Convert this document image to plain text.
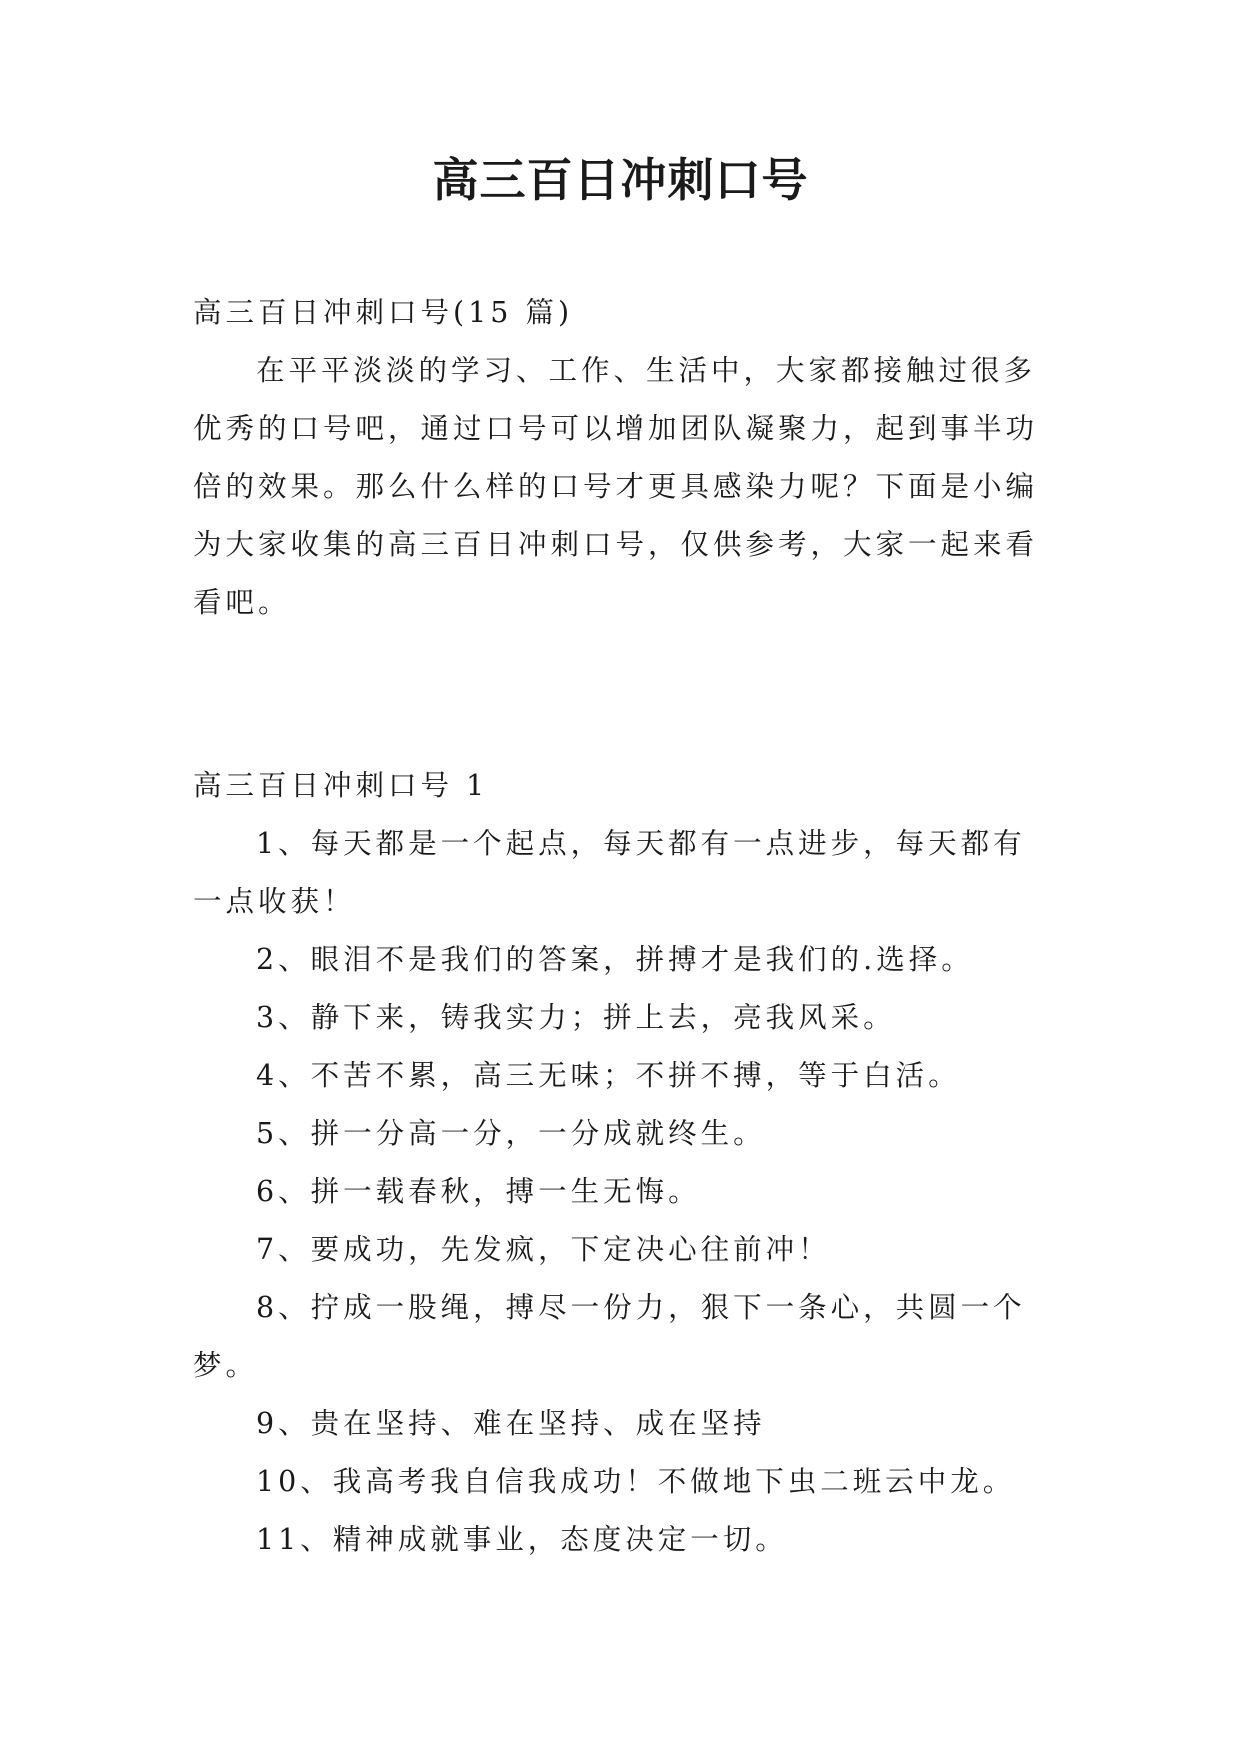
高三百日冲刺口号

高三百日冲刺口号(15 篇)

在平平淡淡的学习、工作、生活中，大家都接触过很多优秀的口号吧，通过口号可以增加团队凝聚力，起到事半功倍的效果。那么什么样的口号才更具感染力呢？下面是小编为大家收集的高三百日冲刺口号，仅供参考，大家一起来看看吧。

高三百日冲刺口号 1

1、每天都是一个起点，每天都有一点进步，每天都有一点收获！

2、眼泪不是我们的答案，拼搏才是我们的.选择。

3、静下来，铸我实力；拼上去，亮我风采。

4、不苦不累，高三无味；不拼不搏，等于白活。

5、拼一分高一分，一分成就终生。

6、拼一载春秋，搏一生无悔。

7、要成功，先发疯，下定决心往前冲！

8、拧成一股绳，搏尽一份力，狠下一条心，共圆一个梦。

9、贵在坚持、难在坚持、成在坚持

10、我高考我自信我成功！不做地下虫二班云中龙。

11、精神成就事业，态度决定一切。
